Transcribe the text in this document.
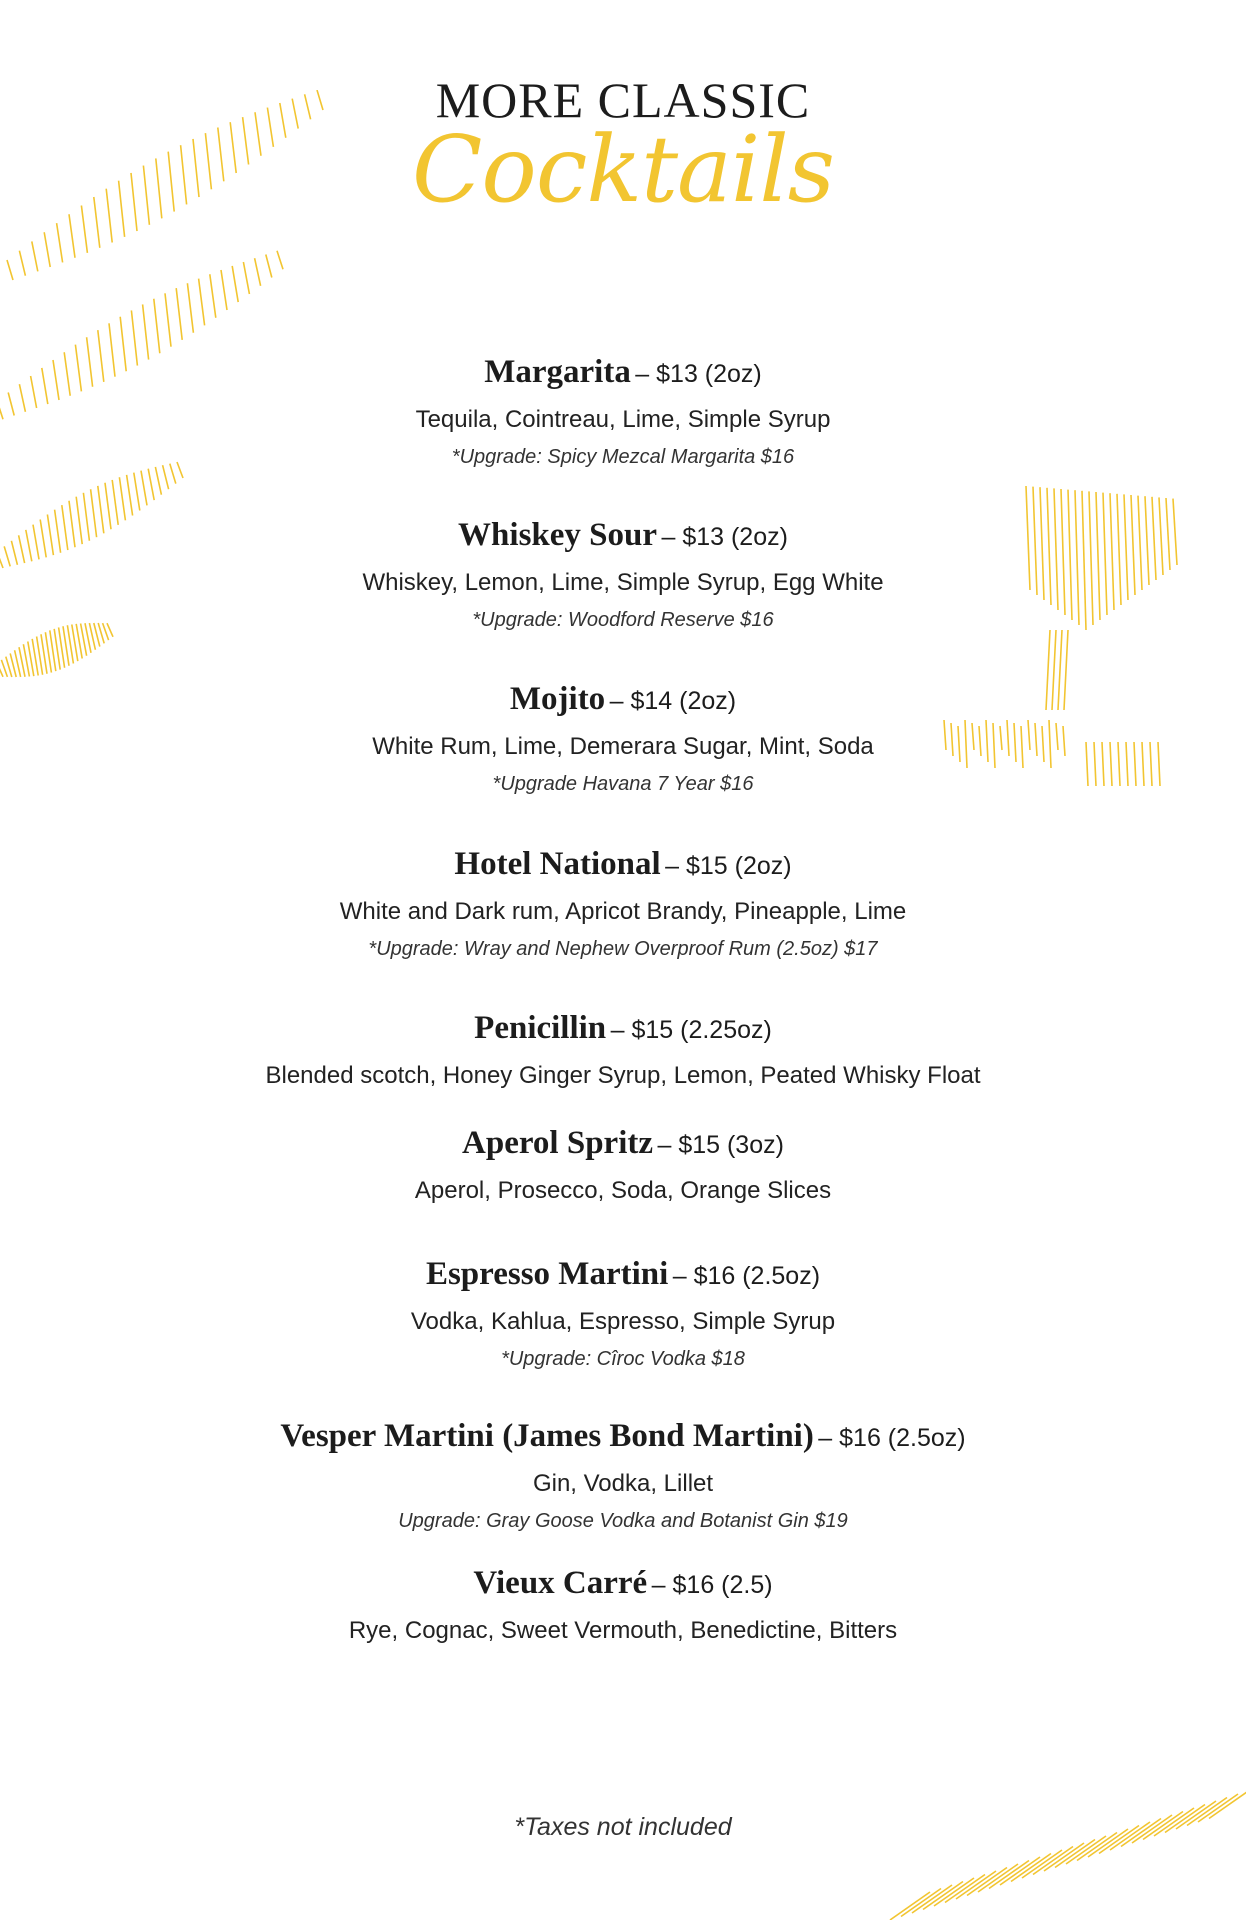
MORE CLASSIC
Cocktails
Margarita – $13 (2oz)
Tequila, Cointreau, Lime, Simple Syrup
*Upgrade: Spicy Mezcal Margarita $16
Whiskey Sour – $13 (2oz)
Whiskey, Lemon, Lime, Simple Syrup, Egg White
*Upgrade: Woodford Reserve $16
Mojito – $14 (2oz)
White Rum, Lime, Demerara Sugar, Mint, Soda
*Upgrade Havana 7 Year $16
Hotel National – $15 (2oz)
White and Dark rum, Apricot Brandy, Pineapple, Lime
*Upgrade: Wray and Nephew Overproof Rum (2.5oz) $17
Penicillin – $15 (2.25oz)
Blended scotch, Honey Ginger Syrup, Lemon, Peated Whisky Float
Aperol Spritz – $15 (3oz)
Aperol, Prosecco, Soda, Orange Slices
Espresso Martini – $16 (2.5oz)
Vodka, Kahlua, Espresso, Simple Syrup
*Upgrade: Cîroc Vodka $18
Vesper Martini (James Bond Martini) – $16 (2.5oz)
Gin, Vodka, Lillet
Upgrade: Gray Goose Vodka and Botanist Gin $19
Vieux Carré – $16 (2.5)
Rye, Cognac, Sweet Vermouth, Benedictine, Bitters
*Taxes not included
